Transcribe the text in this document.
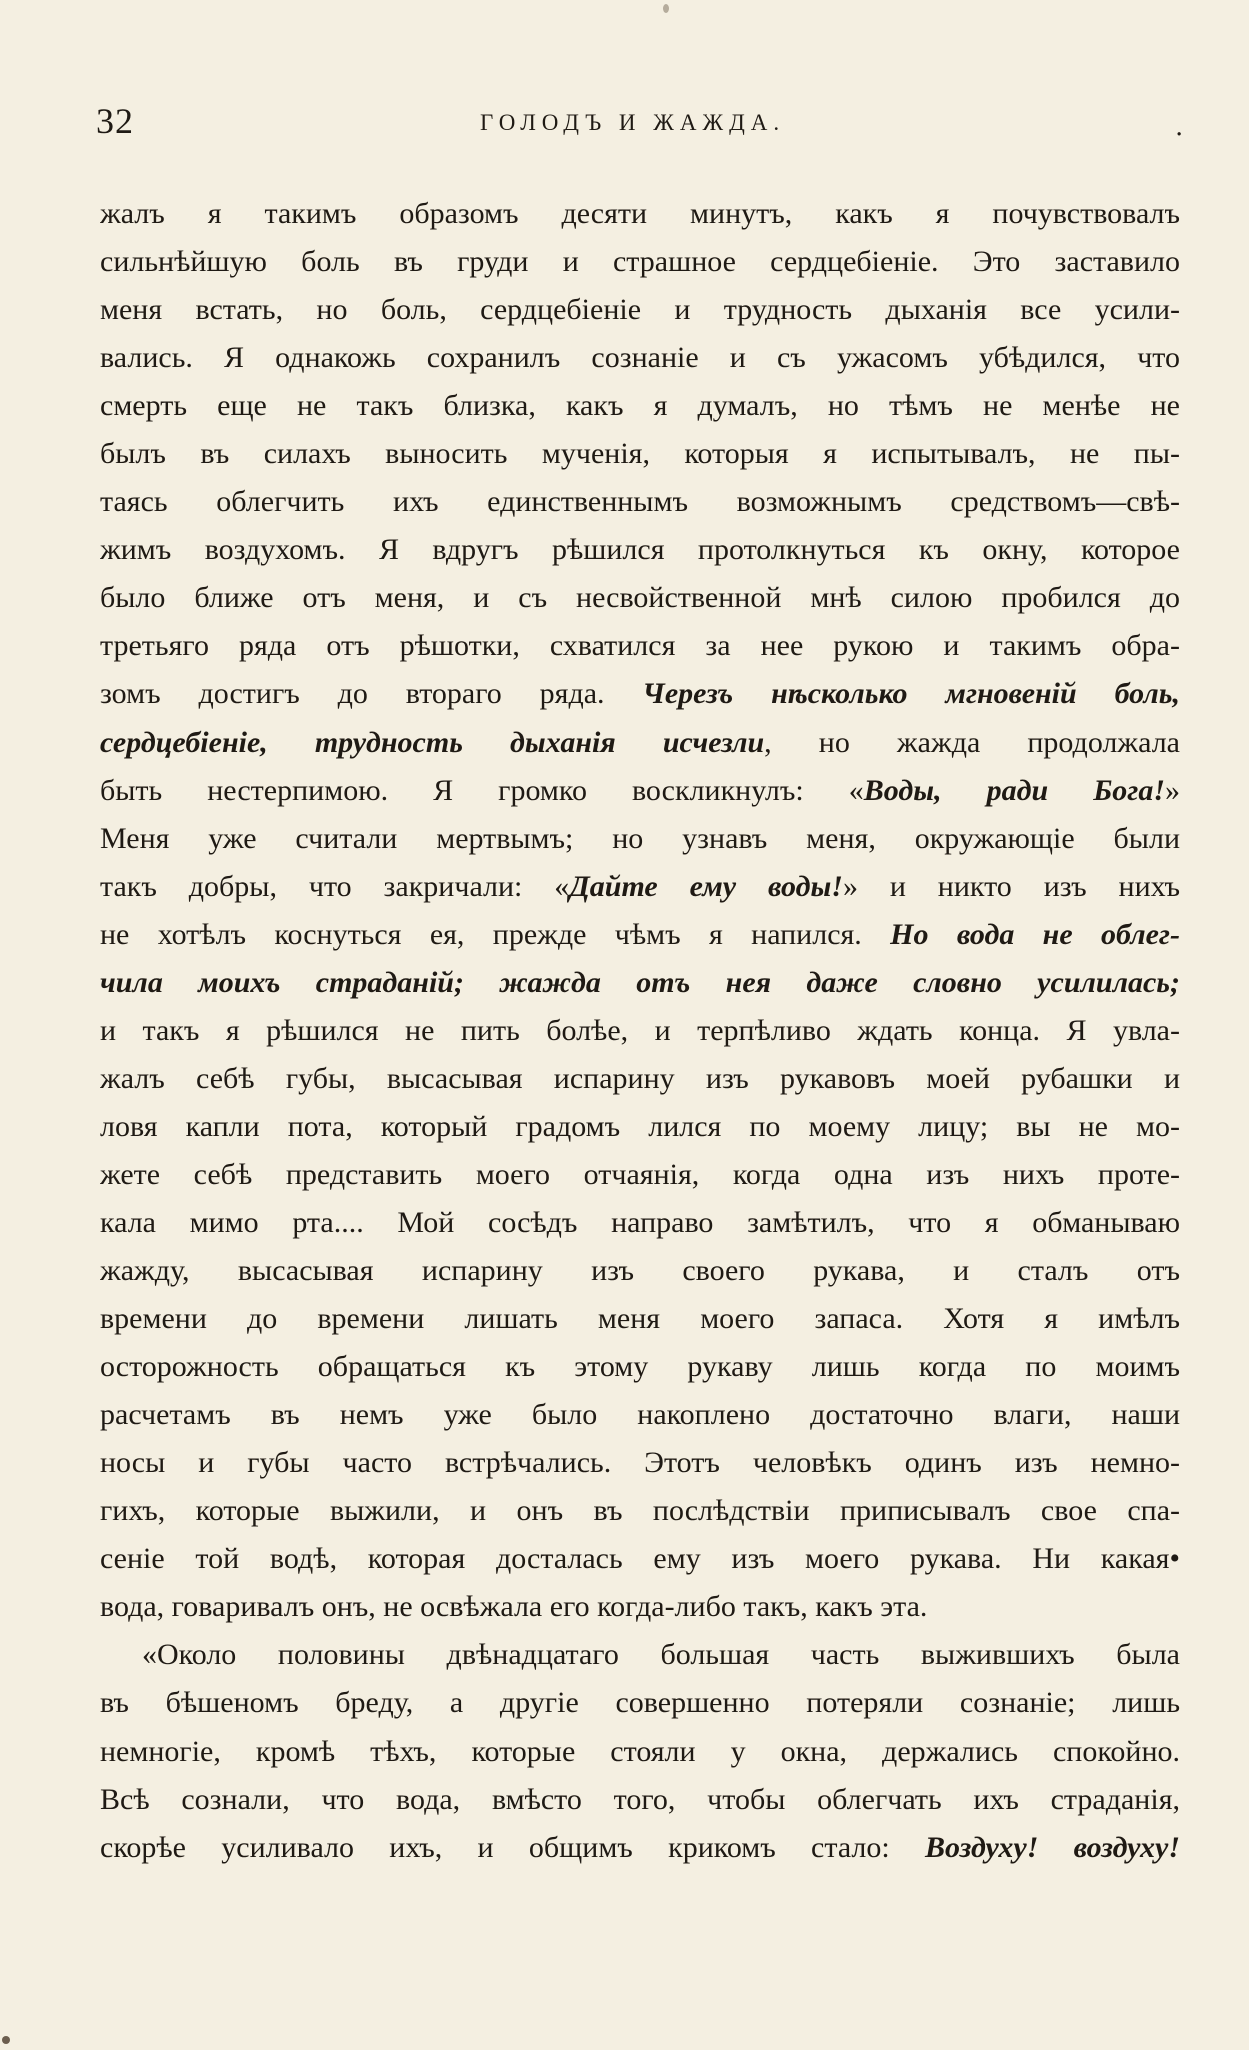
32	ГОЛОДЪ И ЖАЖДА.	.
жалъ я такимъ образомъ десяти минутъ, какъ я почувствовалъ
сильнѣйшую боль въ груди и страшное сердцебіеніе. Это заставило
меня встать, но боль, сердцебіеніе и трудность дыханія все усили-
вались. Я однакожь сохранилъ сознаніе и съ ужасомъ убѣдился, что
смерть еще не такъ близка, какъ я думалъ, но тѣмъ не менѣе не
былъ въ силахъ выносить мученія, которыя я испытывалъ, не пы-
таясь облегчить ихъ единственнымъ возможнымъ средствомъ—свѣ-
жимъ воздухомъ. Я вдругъ рѣшился протолкнуться къ окну, которое
было ближе отъ меня, и съ несвойственной мнѣ силою пробился до
третьяго ряда отъ рѣшотки, схватился за нее рукою и такимъ обра-
зомъ достигъ до втораго ряда. Черезъ нѣсколько мгновеній боль,
сердцебіеніе, трудность дыханія исчезли, но жажда продолжала
быть нестерпимою. Я громко воскликнулъ: «Воды, ради Бога!»
Меня уже считали мертвымъ; но узнавъ меня, окружающіе были
такъ добры, что закричали: «Дайте ему воды!» и никто изъ нихъ
не хотѣлъ коснуться ея, прежде чѣмъ я напился. Но вода не облег-
чила моихъ страданій; жажда отъ нея даже словно усилилась;
и такъ я рѣшился не пить болѣе, и терпѣливо ждать конца. Я увла-
жалъ себѣ губы, высасывая испарину изъ рукавовъ моей рубашки и
ловя капли пота, который градомъ лился по моему лицу; вы не мо-
жете себѣ представить моего отчаянія, когда одна изъ нихъ проте-
кала мимо рта.... Мой сосѣдъ направо замѣтилъ, что я обманываю
жажду, высасывая испарину изъ своего рукава, и сталъ отъ
времени до времени лишать меня моего запаса. Хотя я имѣлъ
осторожность обращаться къ этому рукаву лишь когда по моимъ
расчетамъ въ немъ уже было накоплено достаточно влаги, наши
носы и губы часто встрѣчались. Этотъ человѣкъ одинъ изъ немно-
гихъ, которые выжили, и онъ въ послѣдствіи приписывалъ свое спа-
сеніе той водѣ, которая досталась ему изъ моего рукава. Ни какая•
вода, говаривалъ онъ, не освѣжала его когда-либо такъ, какъ эта.
«Около половины двѣнадцатаго большая часть выжившихъ была
въ бѣшеномъ бреду, а другіе совершенно потеряли сознаніе; лишь
немногіе, кромѣ тѣхъ, которые стояли у окна, держались спокойно.
Всѣ сознали, что вода, вмѣсто того, чтобы облегчать ихъ страданія,
скорѣе усиливало ихъ, и общимъ крикомъ стало: Воздуху! воздуху!
